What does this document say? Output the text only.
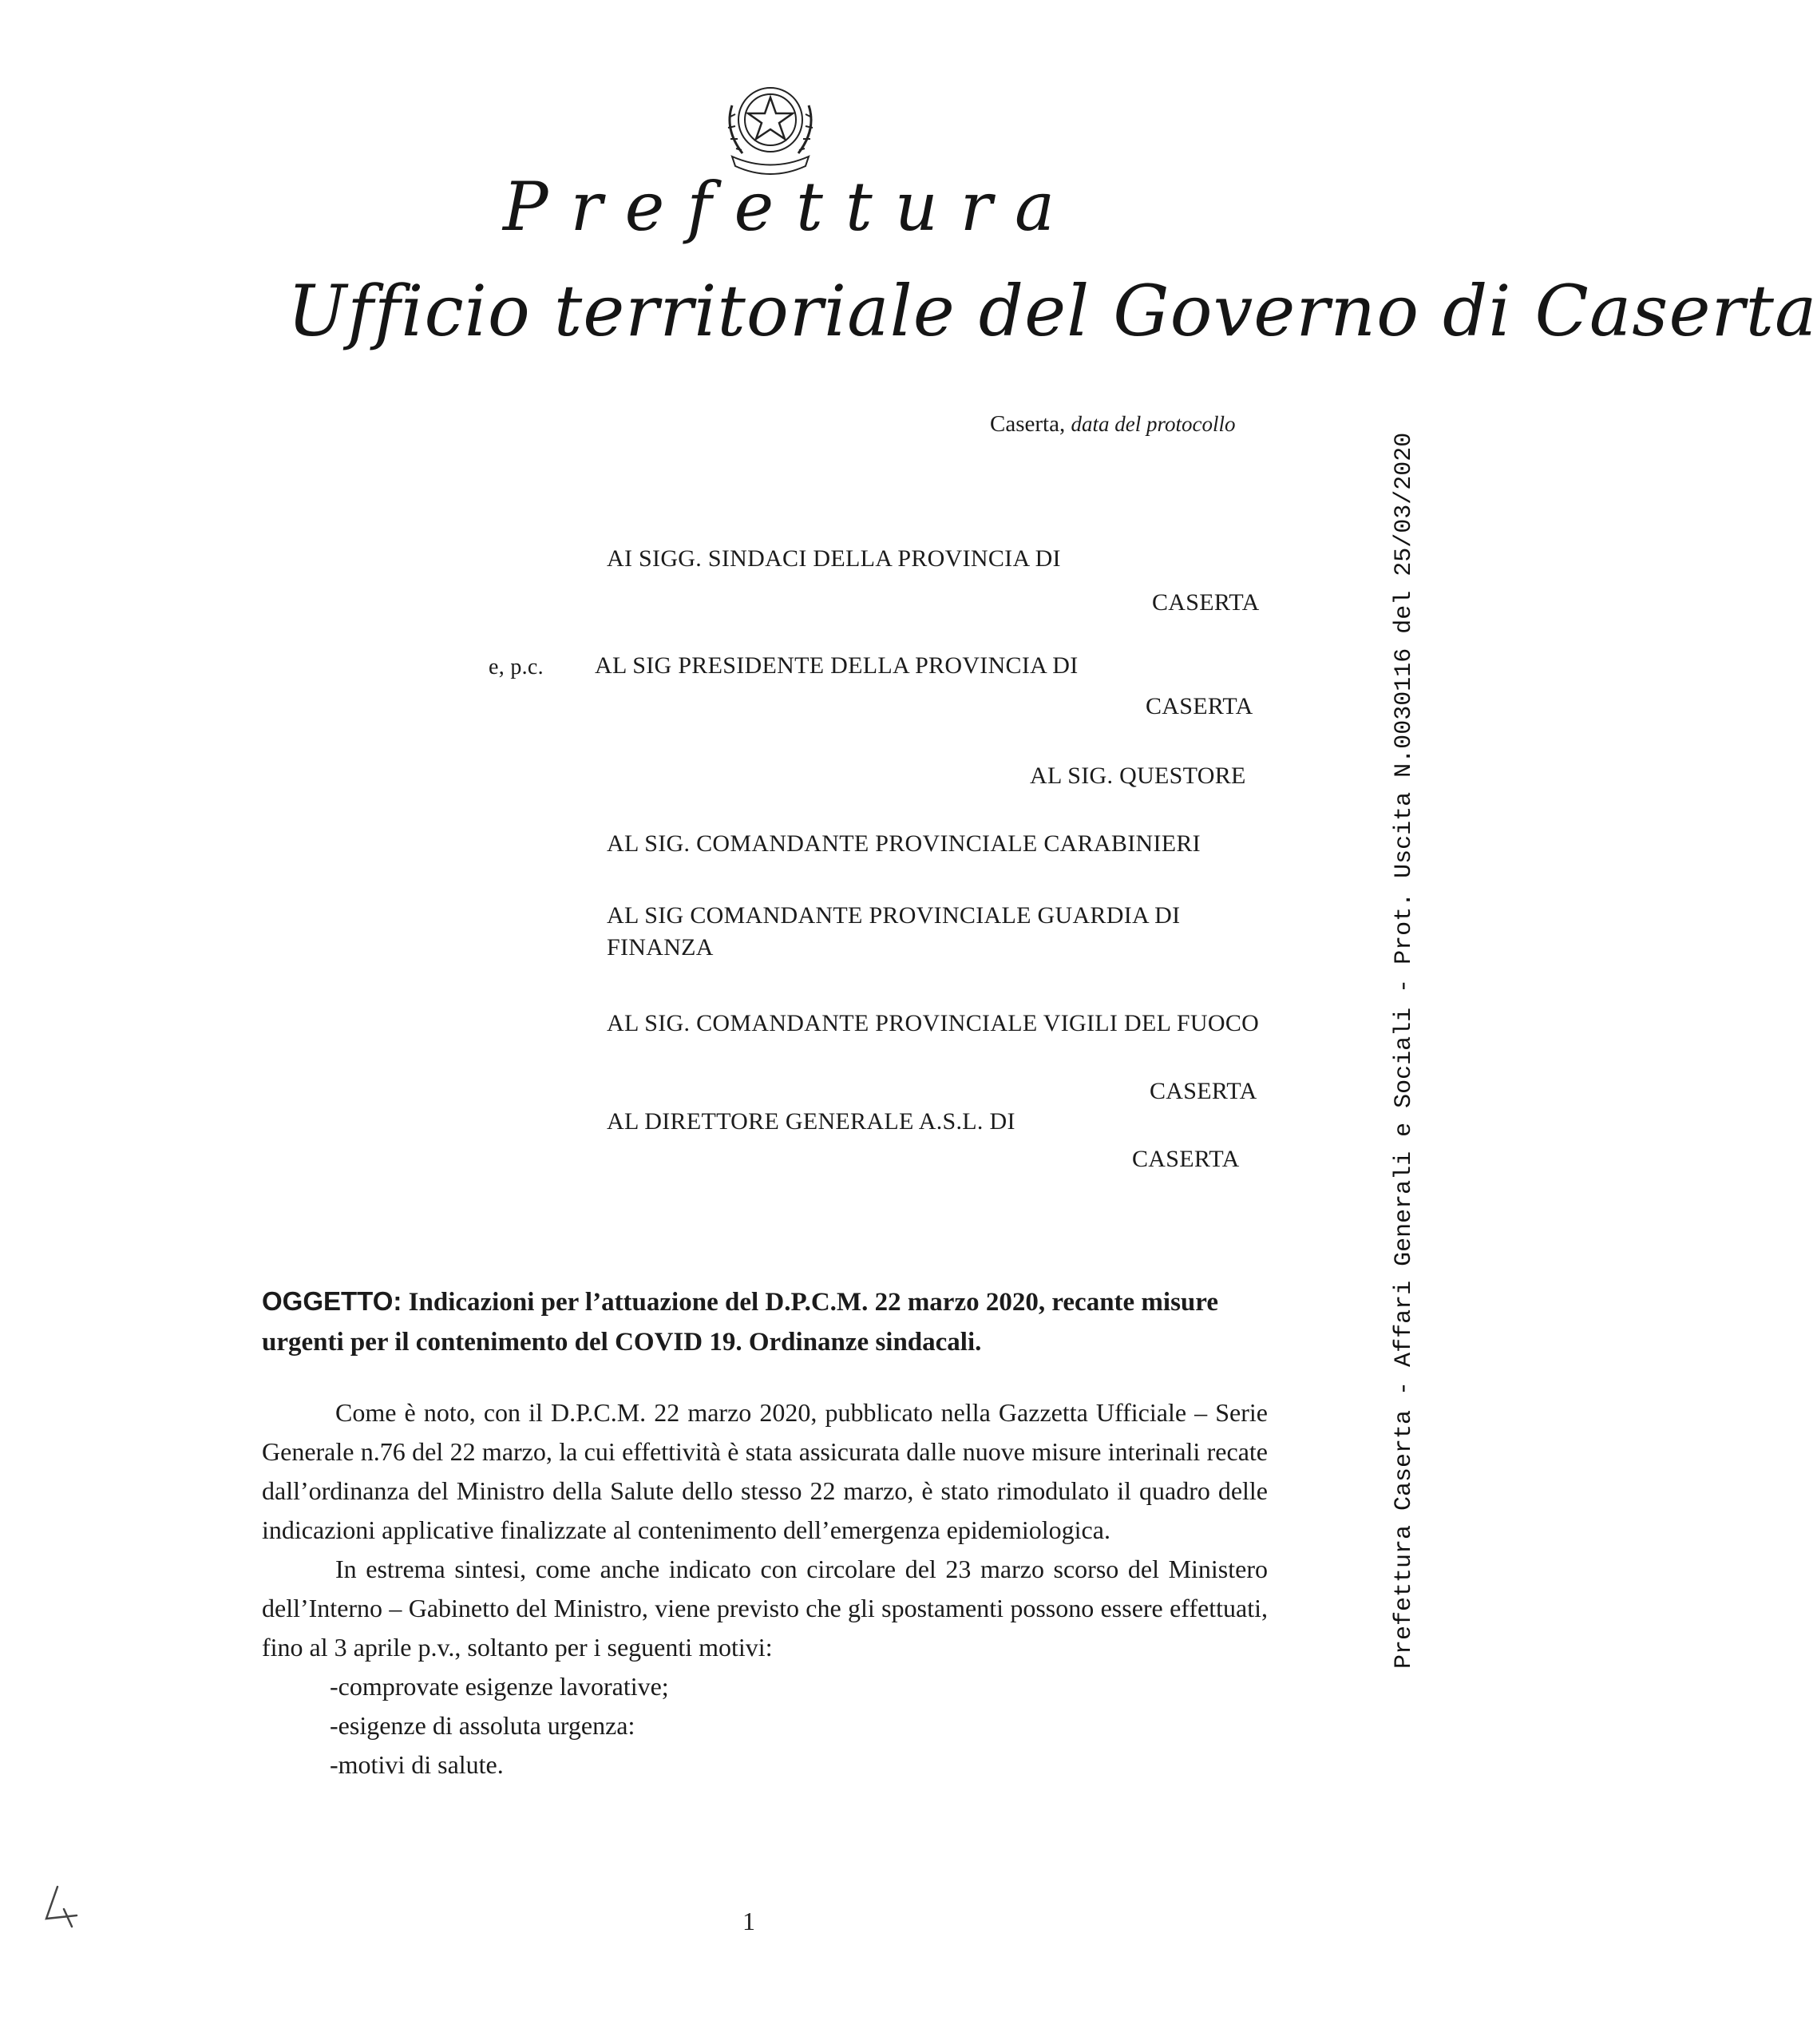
Prefettura
Ufficio territoriale del Governo di Caserta
Caserta, data del protocollo
AI SIGG. SINDACI DELLA PROVINCIA DI
CASERTA
e, p.c. AL SIG PRESIDENTE DELLA PROVINCIA DI
CASERTA
AL SIG. QUESTORE
AL SIG. COMANDANTE PROVINCIALE CARABINIERI
AL SIG COMANDANTE PROVINCIALE GUARDIA DI FINANZA
AL SIG. COMANDANTE PROVINCIALE VIGILI DEL FUOCO
CASERTA
AL DIRETTORE GENERALE A.S.L. DI
CASERTA	Prefettura Caserta - Affari Generali e Sociali - Prot. Uscita N.0030116 del 25/03/2020
OGGETTO: Indicazioni per l’attuazione del D.P.C.M. 22 marzo 2020, recante misure urgenti per il contenimento del COVID 19. Ordinanze sindacali.

Come è noto, con il D.P.C.M. 22 marzo 2020, pubblicato nella Gazzetta Ufficiale – Serie Generale n.76 del 22 marzo, la cui effettività è stata assicurata dalle nuove misure interinali recate dall’ordinanza del Ministro della Salute dello stesso 22 marzo, è stato rimodulato il quadro delle indicazioni applicative finalizzate al contenimento dell’emergenza epidemiologica.

In estrema sintesi, come anche indicato con circolare del 23 marzo scorso del Ministero dell’Interno – Gabinetto del Ministro, viene previsto che gli spostamenti possono essere effettuati, fino al 3 aprile p.v., soltanto per i seguenti motivi:

-comprovate esigenze lavorative;
-esigenze di assoluta urgenza:
-motivi di salute.
1
